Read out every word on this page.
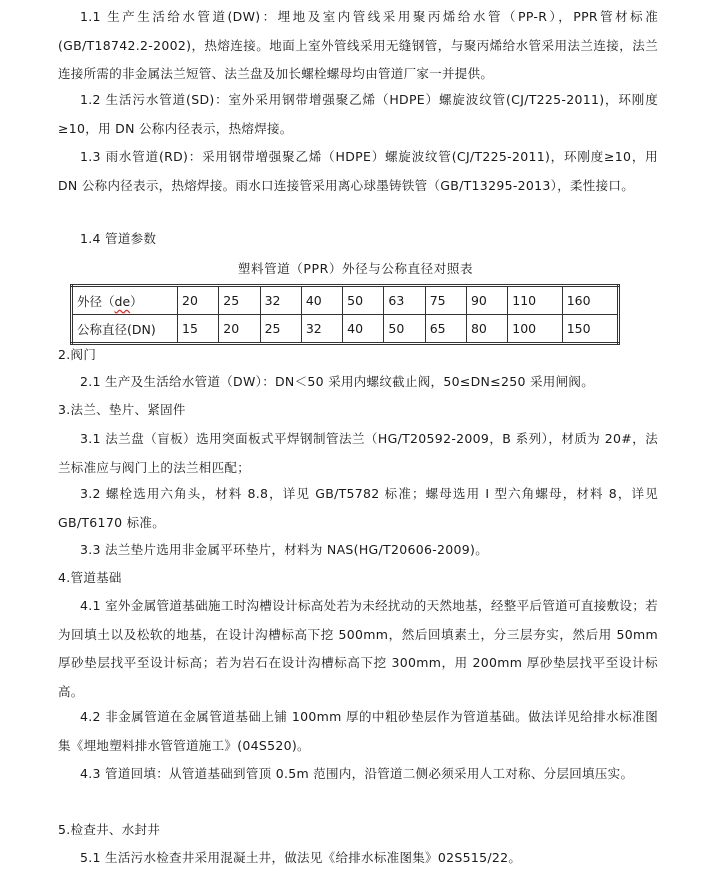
1.1 生产生活给水管道(DW)：埋地及室内管线采用聚丙烯给水管（PP-R），PPR管材标准(GB/T18742.2-2002)，热熔连接。地面上室外管线采用无缝钢管，与聚丙烯给水管采用法兰连接，法兰连接所需的非金属法兰短管、法兰盘及加长螺栓螺母均由管道厂家一并提供。

1.2 生活污水管道(SD)：室外采用钢带增强聚乙烯（HDPE）螺旋波纹管(CJ/T225-2011)，环刚度≥10，用 DN 公称内径表示，热熔焊接。

1.3 雨水管道(RD)：采用钢带增强聚乙烯（HDPE）螺旋波纹管(CJ/T225-2011)，环刚度≥10，用 DN 公称内径表示，热熔焊接。雨水口连接管采用离心球墨铸铁管（GB/T13295-2013），柔性接口。

1.4 管道参数

塑料管道（PPR）外径与公称直径对照表
外径（de）	20	25	32	40	50	63	75	90	110	160
公称直径(DN)	15	20	25	32	40	50	65	80	100	150

2.阀门

2.1 生产及生活给水管道（DW）：DN＜50 采用内螺纹截止阀，50≤DN≤250 采用闸阀。

3.法兰、垫片、紧固件

3.1 法兰盘（盲板）选用突面板式平焊钢制管法兰（HG/T20592-2009，B 系列），材质为 20#，法兰标准应与阀门上的法兰相匹配；

3.2 螺栓选用六角头，材料 8.8，详见 GB/T5782 标准；螺母选用 I 型六角螺母，材料 8，详见 GB/T6170 标准。

3.3 法兰垫片选用非金属平环垫片，材料为 NAS(HG/T20606-2009)。

4.管道基础

4.1 室外金属管道基础施工时沟槽设计标高处若为未经扰动的天然地基，经整平后管道可直接敷设；若为回填土以及松软的地基，在设计沟槽标高下挖 500mm，然后回填素土，分三层夯实，然后用 50mm 厚砂垫层找平至设计标高；若为岩石在设计沟槽标高下挖 300mm，用 200mm 厚砂垫层找平至设计标高。

4.2 非金属管道在金属管道基础上铺 100mm 厚的中粗砂垫层作为管道基础。做法详见给排水标准图集《埋地塑料排水管管道施工》(04S520)。

4.3 管道回填：从管道基础到管顶 0.5m 范围内，沿管道二侧必须采用人工对称、分层回填压实。

5.检查井、水封井

5.1 生活污水检查井采用混凝土井，做法见《给排水标准图集》02S515/22。
